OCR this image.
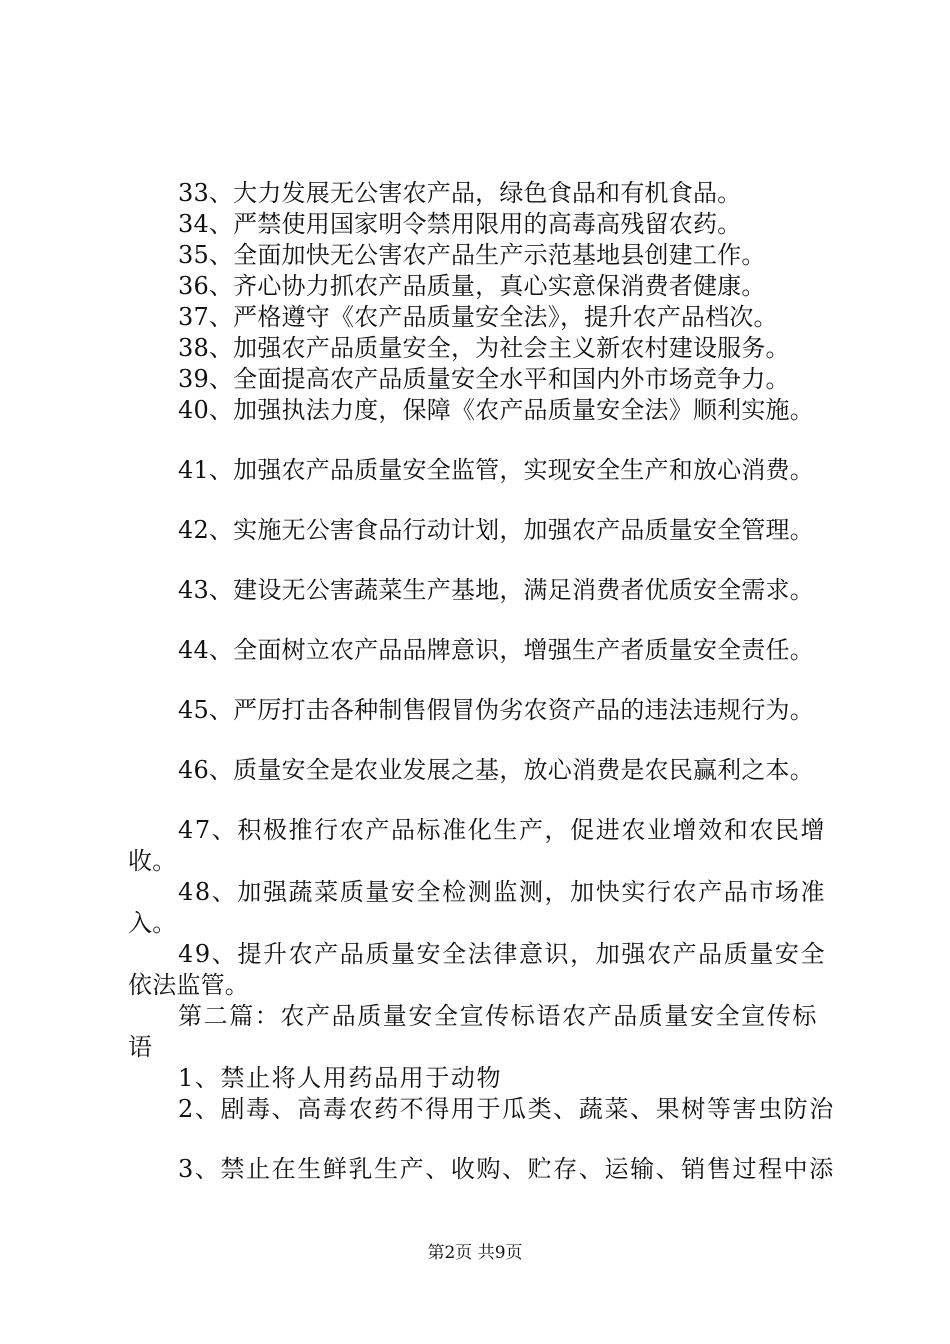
33、大力发展无公害农产品，绿色食品和有机食品。
34、严禁使用国家明令禁用限用的高毒高残留农药。
35、全面加快无公害农产品生产示范基地县创建工作。
36、齐心协力抓农产品质量，真心实意保消费者健康。
37、严格遵守《农产品质量安全法》，提升农产品档次。
38、加强农产品质量安全，为社会主义新农村建设服务。
39、全面提高农产品质量安全水平和国内外市场竞争力。
40、加强执法力度，保障《农产品质量安全法》顺利实施。
41、加强农产品质量安全监管，实现安全生产和放心消费。
42、实施无公害食品行动计划，加强农产品质量安全管理。
43、建设无公害蔬菜生产基地，满足消费者优质安全需求。
44、全面树立农产品品牌意识，增强生产者质量安全责任。
45、严厉打击各种制售假冒伪劣农资产品的违法违规行为。
46、质量安全是农业发展之基，放心消费是农民赢利之本。
47、积极推行农产品标准化生产，促进农业增效和农民增
收。
48、加强蔬菜质量安全检测监测，加快实行农产品市场准
入。
49、提升农产品质量安全法律意识，加强农产品质量安全
依法监管。
第二篇：农产品质量安全宣传标语农产品质量安全宣传标
语
1、禁止将人用药品用于动物
2、剧毒、高毒农药不得用于瓜类、蔬菜、果树等害虫防治
3、禁止在生鲜乳生产、收购、贮存、运输、销售过程中添
第2页 共9页
